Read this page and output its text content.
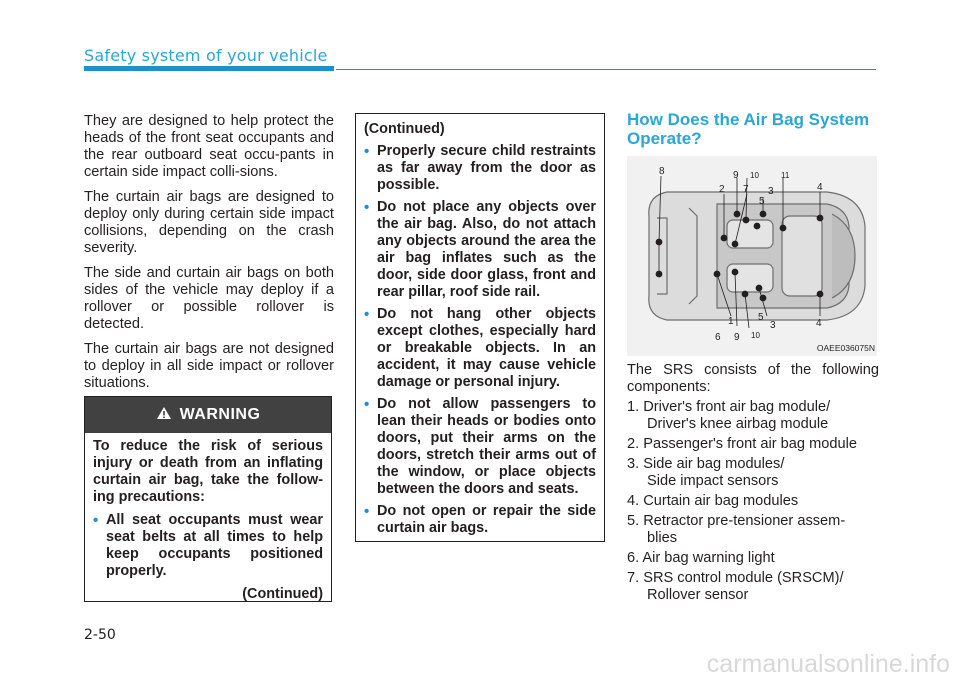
Safety system of your vehicle

They are designed to help protect the heads of the front seat occupants and the rear outboard seat occu-pants in certain side impact colli-sions.

The curtain air bags are designed to deploy only during certain side impact collisions, depending on the crash severity.

The side and curtain air bags on both sides of the vehicle may deploy if a rollover or possible rollover is detected.

The curtain air bags are not designed to deploy in all side impact or rollover situations.

WARNING

To reduce the risk of serious injury or death from an inflating curtain air bag, take the follow-ing precautions:

• All seat occupants must wear seat belts at all times to help keep occupants positioned properly.
(Continued)
(Continued)
• Properly secure child restraints as far away from the door as possible.
• Do not place any objects over the air bag. Also, do not attach any objects around the area the air bag inflates such as the door, side door glass, front and rear pillar, roof side rail.
• Do not hang other objects except clothes, especially hard or breakable objects. In an accident, it may cause vehicle damage or personal injury.
• Do not allow passengers to lean their heads or bodies onto doors, put their arms on the doors, stretch their arms out of the window, or place objects between the doors and seats.
• Do not open or repair the side curtain air bags.
How Does the Air Bag System Operate?
8
2
9 10
7 3
11
4
5
1 5
3	4
6 9 10
OAEE036075N

The SRS consists of the following components:

1. Driver's front air bag module/
Driver's knee airbag module
2. Passenger's front air bag module
3. Side air bag modules/
Side impact sensors
4. Curtain air bag modules
5. Retractor pre-tensioner assem-
blies
6. Air bag warning light
7. SRS control module (SRSCM)/
Rollover sensor
2-50
carmanualsonline.info
